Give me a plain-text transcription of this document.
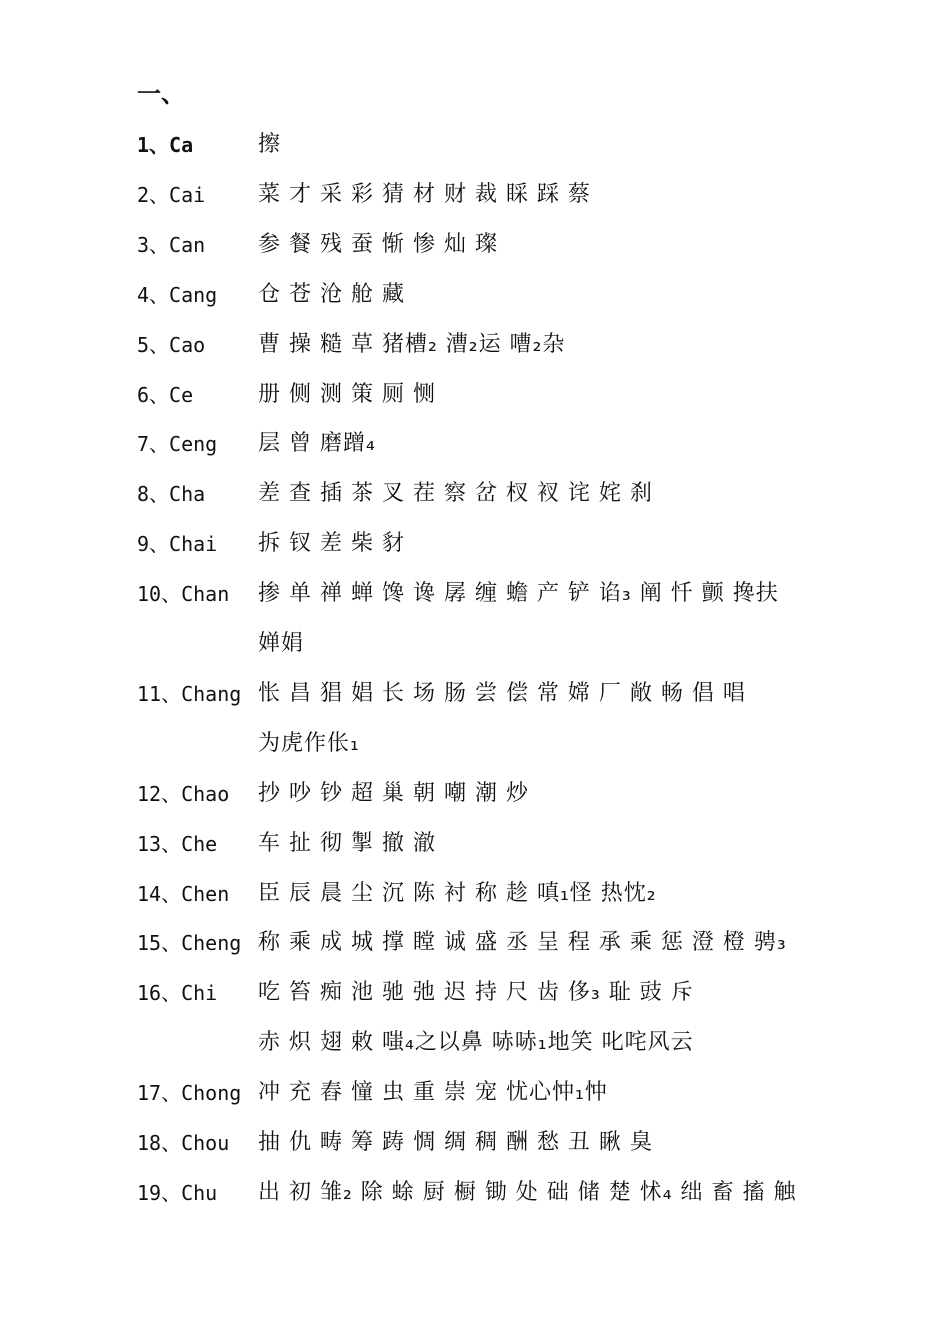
一、
1、Ca	擦
2、Cai 菜 才 采 彩 猜 材 财 裁 睬 踩 蔡
3、Can 参 餐 残 蚕 惭 惨 灿 璨
4、Cang 仓 苍 沧 舱 藏
5、Cao 曹 操 糙 草 猪槽₂ 漕₂运 嘈₂杂
6、Ce	册 侧 测 策 厕 恻
7、Ceng 层 曾 磨蹭₄
8、Cha 差 查 插 茶 叉 茬 察 岔 杈 衩 诧 姹 刹
9、Chai 拆 钗 差 柴 豺
10、Chan 掺 单 禅 蝉 馋 谗 孱 缠 蟾 产 铲 谄₃ 阐 忏 颤 搀扶
婵娟
11、Chang 怅 昌 猖 娼 长 场 肠 尝 偿 常 嫦 厂 敞 畅 倡 唱
为虎作伥₁
12、Chao 抄 吵 钞 超 巢 朝 嘲 潮 炒
13、Che 车 扯 彻 掣 撤 澈
14、Chen 臣 辰 晨 尘 沉 陈 衬 称 趁 嗔₁怪 热忱₂
15、Cheng 称 乘 成 城 撑 瞠 诚 盛 丞 呈 程 承 乘 惩 澄 橙 骋₃
16、Chi 吃 笞 痴 池 驰 弛 迟 持 尺 齿 侈₃ 耻 豉 斥
赤 炽 翅 敕 嗤₄之以鼻 哧哧₁地笑 叱咤风云
17、Chong 冲 充 舂 憧 虫 重 崇 宠 忧心忡₁忡
18、Chou 抽 仇 畴 筹 踌 惆 绸 稠 酬 愁 丑 瞅 臭
19、Chu 出 初 雏₂ 除 蜍 厨 橱 锄 处 础 储 楚 怵₄ 绌 畜 搐 触
